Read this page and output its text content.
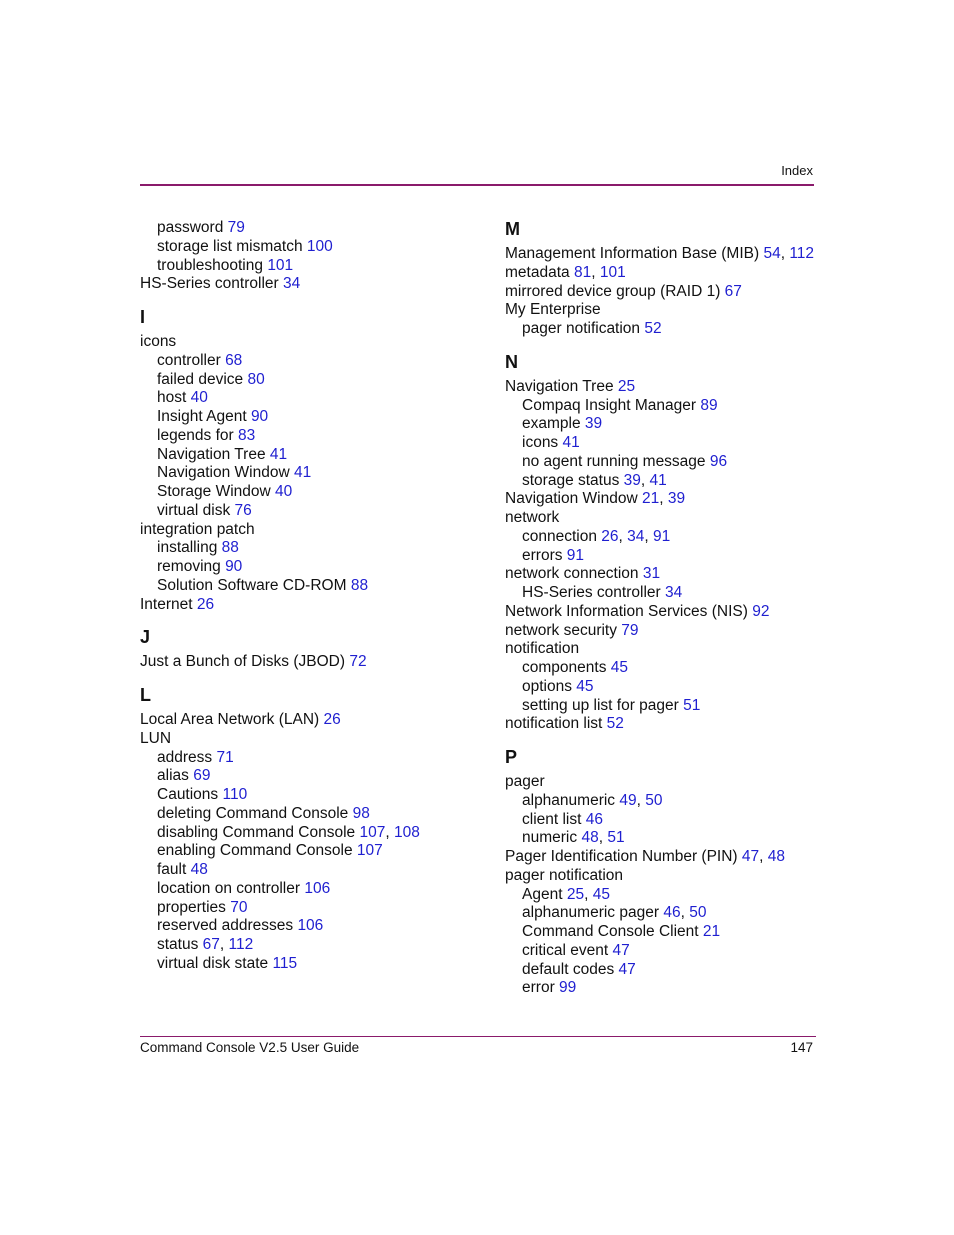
Index
password 79
storage list mismatch 100
troubleshooting 101
HS-Series controller 34
I
icons
controller 68
failed device 80
host 40
Insight Agent 90
legends for 83
Navigation Tree 41
Navigation Window 41
Storage Window 40
virtual disk 76
integration patch
installing 88
removing 90
Solution Software CD-ROM 88
Internet 26
J
Just a Bunch of Disks (JBOD) 72
L
Local Area Network (LAN) 26
LUN
address 71
alias 69
Cautions 110
deleting Command Console 98
disabling Command Console 107, 108
enabling Command Console 107
fault 48
location on controller 106
properties 70
reserved addresses 106
status 67, 112
virtual disk state 115
M
Management Information Base (MIB) 54, 112
metadata 81, 101
mirrored device group (RAID 1) 67
My Enterprise
pager notification 52
N
Navigation Tree 25
Compaq Insight Manager 89
example 39
icons 41
no agent running message 96
storage status 39, 41
Navigation Window 21, 39
network
connection 26, 34, 91
errors 91
network connection 31
HS-Series controller 34
Network Information Services (NIS) 92
network security 79
notification
components 45
options 45
setting up list for pager 51
notification list 52
P
pager
alphanumeric 49, 50
client list 46
numeric 48, 51
Pager Identification Number (PIN) 47, 48
pager notification
Agent 25, 45
alphanumeric pager 46, 50
Command Console Client 21
critical event 47
default codes 47
error 99
Command Console V2.5 User Guide	147
